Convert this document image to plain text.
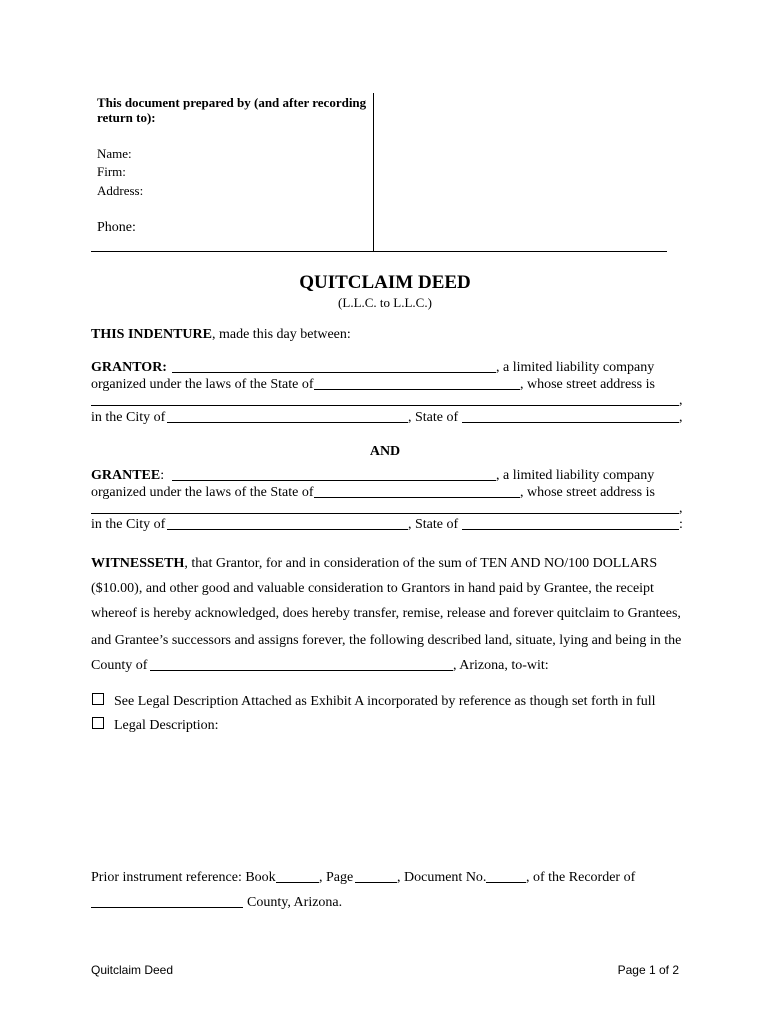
This document prepared by (and after recording
return to):
Name:
Firm:
Address:
Phone:
QUITCLAIM DEED
(L.L.C. to L.L.C.)
THIS INDENTURE, made this day between:
GRANTOR:	, a limited liability company
organized under the laws of the State of	, whose street address is
,
in the City of	, State of	,
AND
GRANTEE:	, a limited liability company
organized under the laws of the State of	, whose street address is
,
in the City of	, State of	:
WITNESSETH, that Grantor, for and in consideration of the sum of TEN AND NO/100 DOLLARS
($10.00), and other good and valuable consideration to Grantors in hand paid by Grantee, the receipt
whereof is hereby acknowledged, does hereby transfer, remise, release and forever quitclaim to Grantees,
and Grantee’s successors and assigns forever, the following described land, situate, lying and being in the
County of	, Arizona, to-wit:
See Legal Description Attached as Exhibit A incorporated by reference as though set forth in full
Legal Description:
Prior instrument reference: Book	, Page	, Document No.	, of the Recorder of
County, Arizona.
Quitclaim Deed	Page 1 of 2
